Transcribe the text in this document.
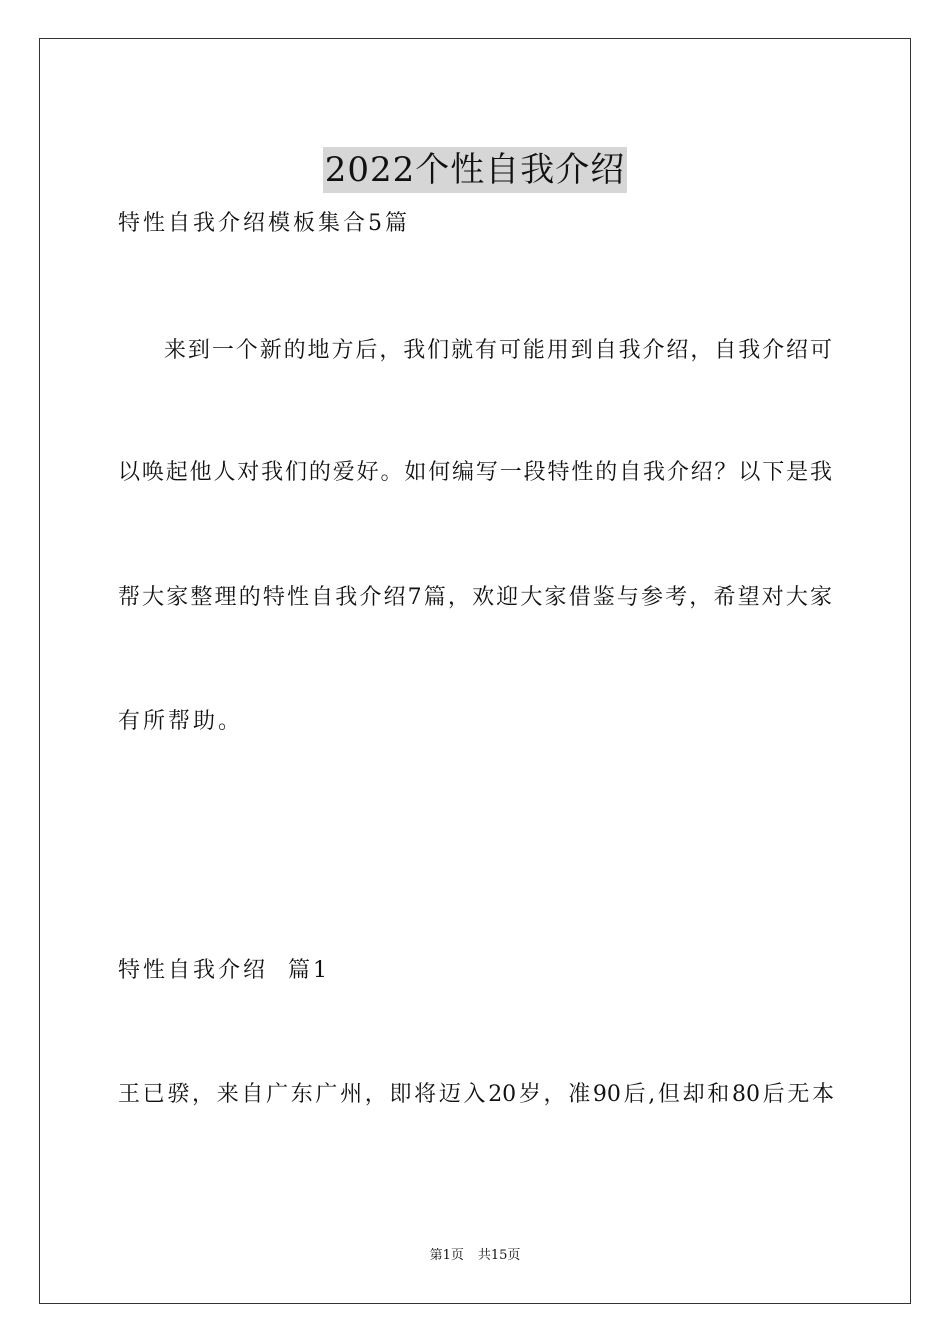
2022个性自我介绍
特性自我介绍模板集合5篇
来到一个新的地方后，我们就有可能用到自我介绍，自我介绍可
以唤起他人对我们的爱好。如何编写一段特性的自我介绍？以下是我
帮大家整理的特性自我介绍7篇，欢迎大家借鉴与参考，希望对大家
有所帮助。
特性自我介绍  篇1
王已骙，来自广东广州，即将迈入20岁，准90后,但却和80后无本
第1页 共15页
